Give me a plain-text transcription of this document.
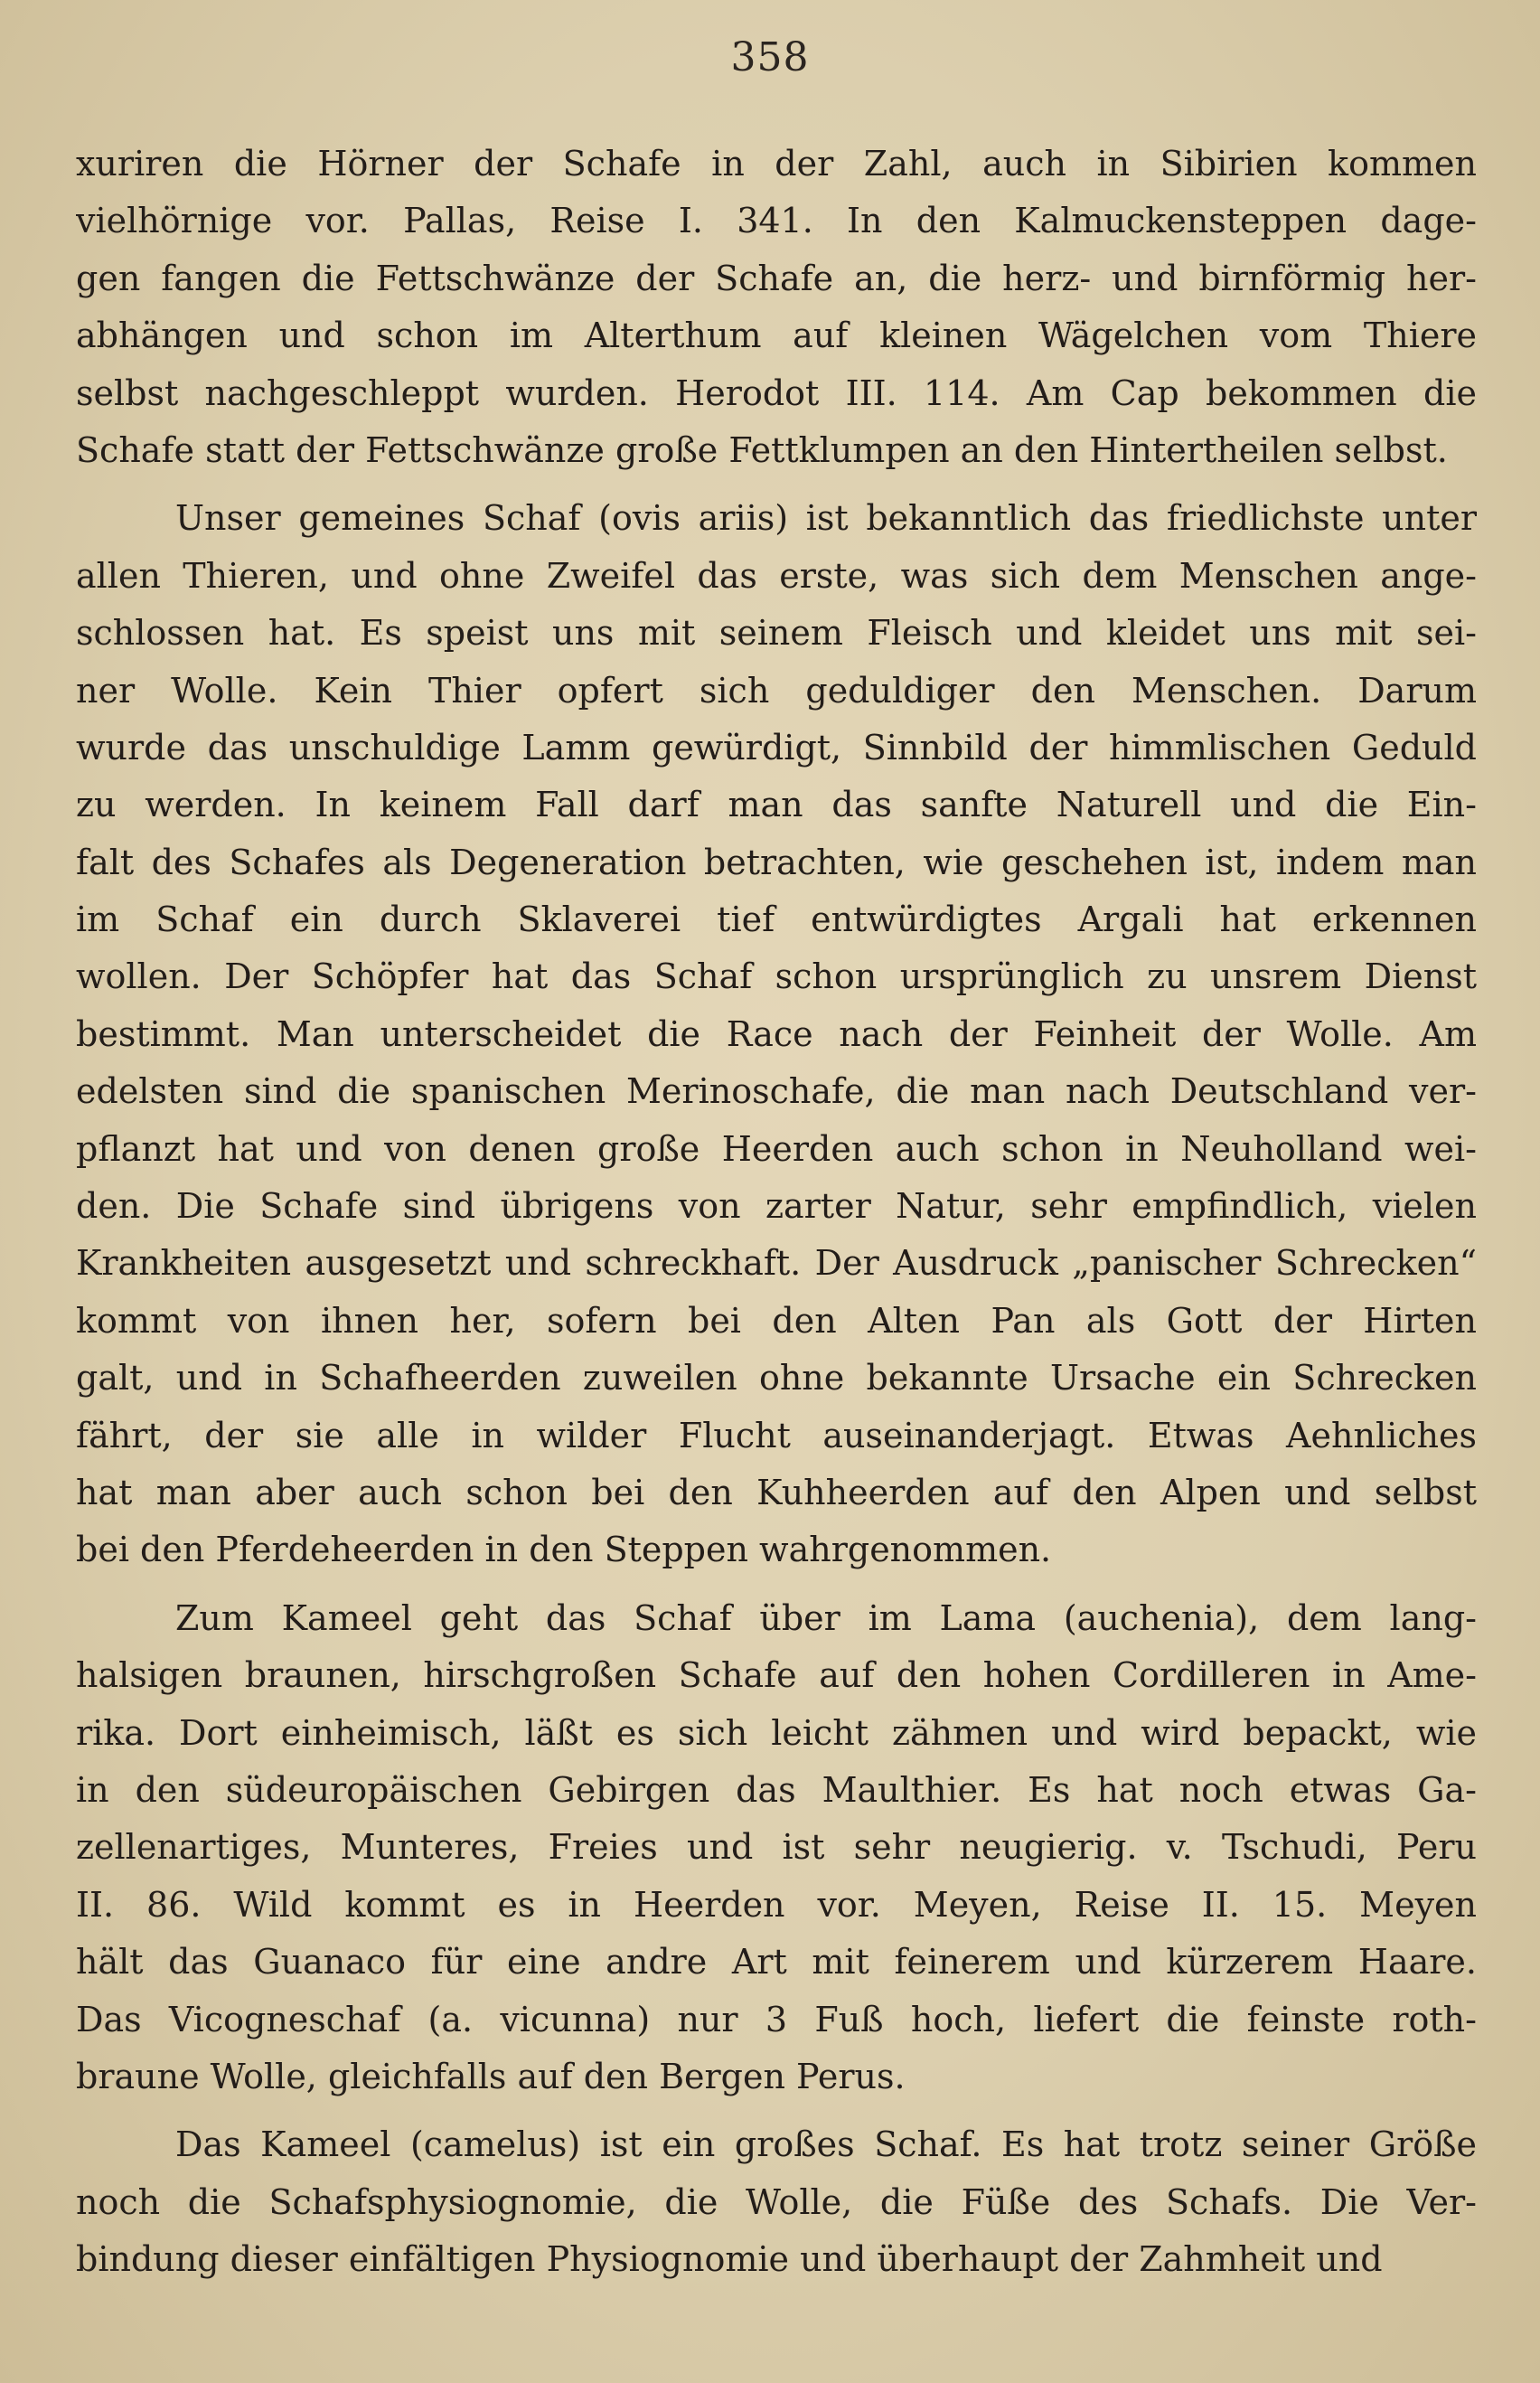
358
xuriren die Hörner der Schafe in der Zahl, auch in Sibirien kommen
vielhörnige vor. Pallas, Reise I. 341. In den Kalmuckensteppen dage-
gen fangen die Fettschwänze der Schafe an, die herz- und birnförmig her-
abhängen und schon im Alterthum auf kleinen Wägelchen vom Thiere
selbst nachgeschleppt wurden. Herodot III. 114. Am Cap bekommen die
Schafe statt der Fettschwänze große Fettklumpen an den Hintertheilen selbst.
Unser gemeines Schaf (ovis ariis) ist bekanntlich das friedlichste unter
allen Thieren, und ohne Zweifel das erste, was sich dem Menschen ange-
schlossen hat. Es speist uns mit seinem Fleisch und kleidet uns mit sei-
ner Wolle. Kein Thier opfert sich geduldiger den Menschen. Darum
wurde das unschuldige Lamm gewürdigt, Sinnbild der himmlischen Geduld
zu werden. In keinem Fall darf man das sanfte Naturell und die Ein-
falt des Schafes als Degeneration betrachten, wie geschehen ist, indem man
im Schaf ein durch Sklaverei tief entwürdigtes Argali hat erkennen
wollen. Der Schöpfer hat das Schaf schon ursprünglich zu unsrem Dienst
bestimmt. Man unterscheidet die Race nach der Feinheit der Wolle. Am
edelsten sind die spanischen Merinoschafe, die man nach Deutschland ver-
pflanzt hat und von denen große Heerden auch schon in Neuholland wei-
den. Die Schafe sind übrigens von zarter Natur, sehr empfindlich, vielen
Krankheiten ausgesetzt und schreckhaft. Der Ausdruck „panischer Schrecken“
kommt von ihnen her, sofern bei den Alten Pan als Gott der Hirten
galt, und in Schafheerden zuweilen ohne bekannte Ursache ein Schrecken
fährt, der sie alle in wilder Flucht auseinanderjagt. Etwas Aehnliches
hat man aber auch schon bei den Kuhheerden auf den Alpen und selbst
bei den Pferdeheerden in den Steppen wahrgenommen.
Zum Kameel geht das Schaf über im Lama (auchenia), dem lang-
halsigen braunen, hirschgroßen Schafe auf den hohen Cordilleren in Ame-
rika. Dort einheimisch, läßt es sich leicht zähmen und wird bepackt, wie
in den südeuropäischen Gebirgen das Maulthier. Es hat noch etwas Ga-
zellenartiges, Munteres, Freies und ist sehr neugierig. v. Tschudi, Peru
II. 86. Wild kommt es in Heerden vor. Meyen, Reise II. 15. Meyen
hält das Guanaco für eine andre Art mit feinerem und kürzerem Haare.
Das Vicogneschaf (a. vicunna) nur 3 Fuß hoch, liefert die feinste roth-
braune Wolle, gleichfalls auf den Bergen Perus.
Das Kameel (camelus) ist ein großes Schaf. Es hat trotz seiner Größe
noch die Schafsphysiognomie, die Wolle, die Füße des Schafs. Die Ver-
bindung dieser einfältigen Physiognomie und überhaupt der Zahmheit und
